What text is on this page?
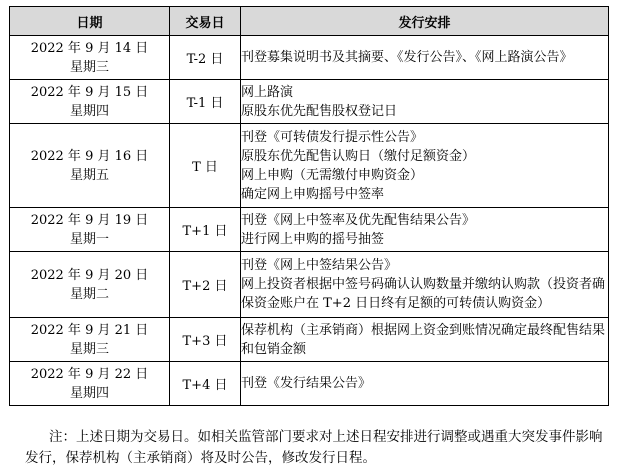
日期	交易日	发行安排

2022 年 9 月 14 日
星期三	T-2 日	刊登募集说明书及其摘要、《发行公告》、《网上路演公告》

2022 年 9 月 15 日
星期四	T-1 日	网上路演
原股东优先配售股权登记日

2022 年 9 月 16 日
星期五	T 日	刊登《可转债发行提示性公告》
原股东优先配售认购日（缴付足额资金）
网上申购（无需缴付申购资金）
确定网上申购摇号中签率

2022 年 9 月 19 日
星期一	T+1 日	刊登《网上中签率及优先配售结果公告》
进行网上申购的摇号抽签

2022 年 9 月 20 日
星期二	T+2 日	刊登《网上中签结果公告》
网上投资者根据中签号码确认认购数量并缴纳认购款（投资者确保资金账户在 T+2 日日终有足额的可转债认购资金）

2022 年 9 月 21 日
星期三	T+3 日	保荐机构（主承销商）根据网上资金到账情况确定最终配售结果和包销金额

2022 年 9 月 22 日
星期四	T+4 日	刊登《发行结果公告》

注：上述日期为交易日。如相关监管部门要求对上述日程安排进行调整或遇重大突发事件影响发行，保荐机构（主承销商）将及时公告，修改发行日程。
